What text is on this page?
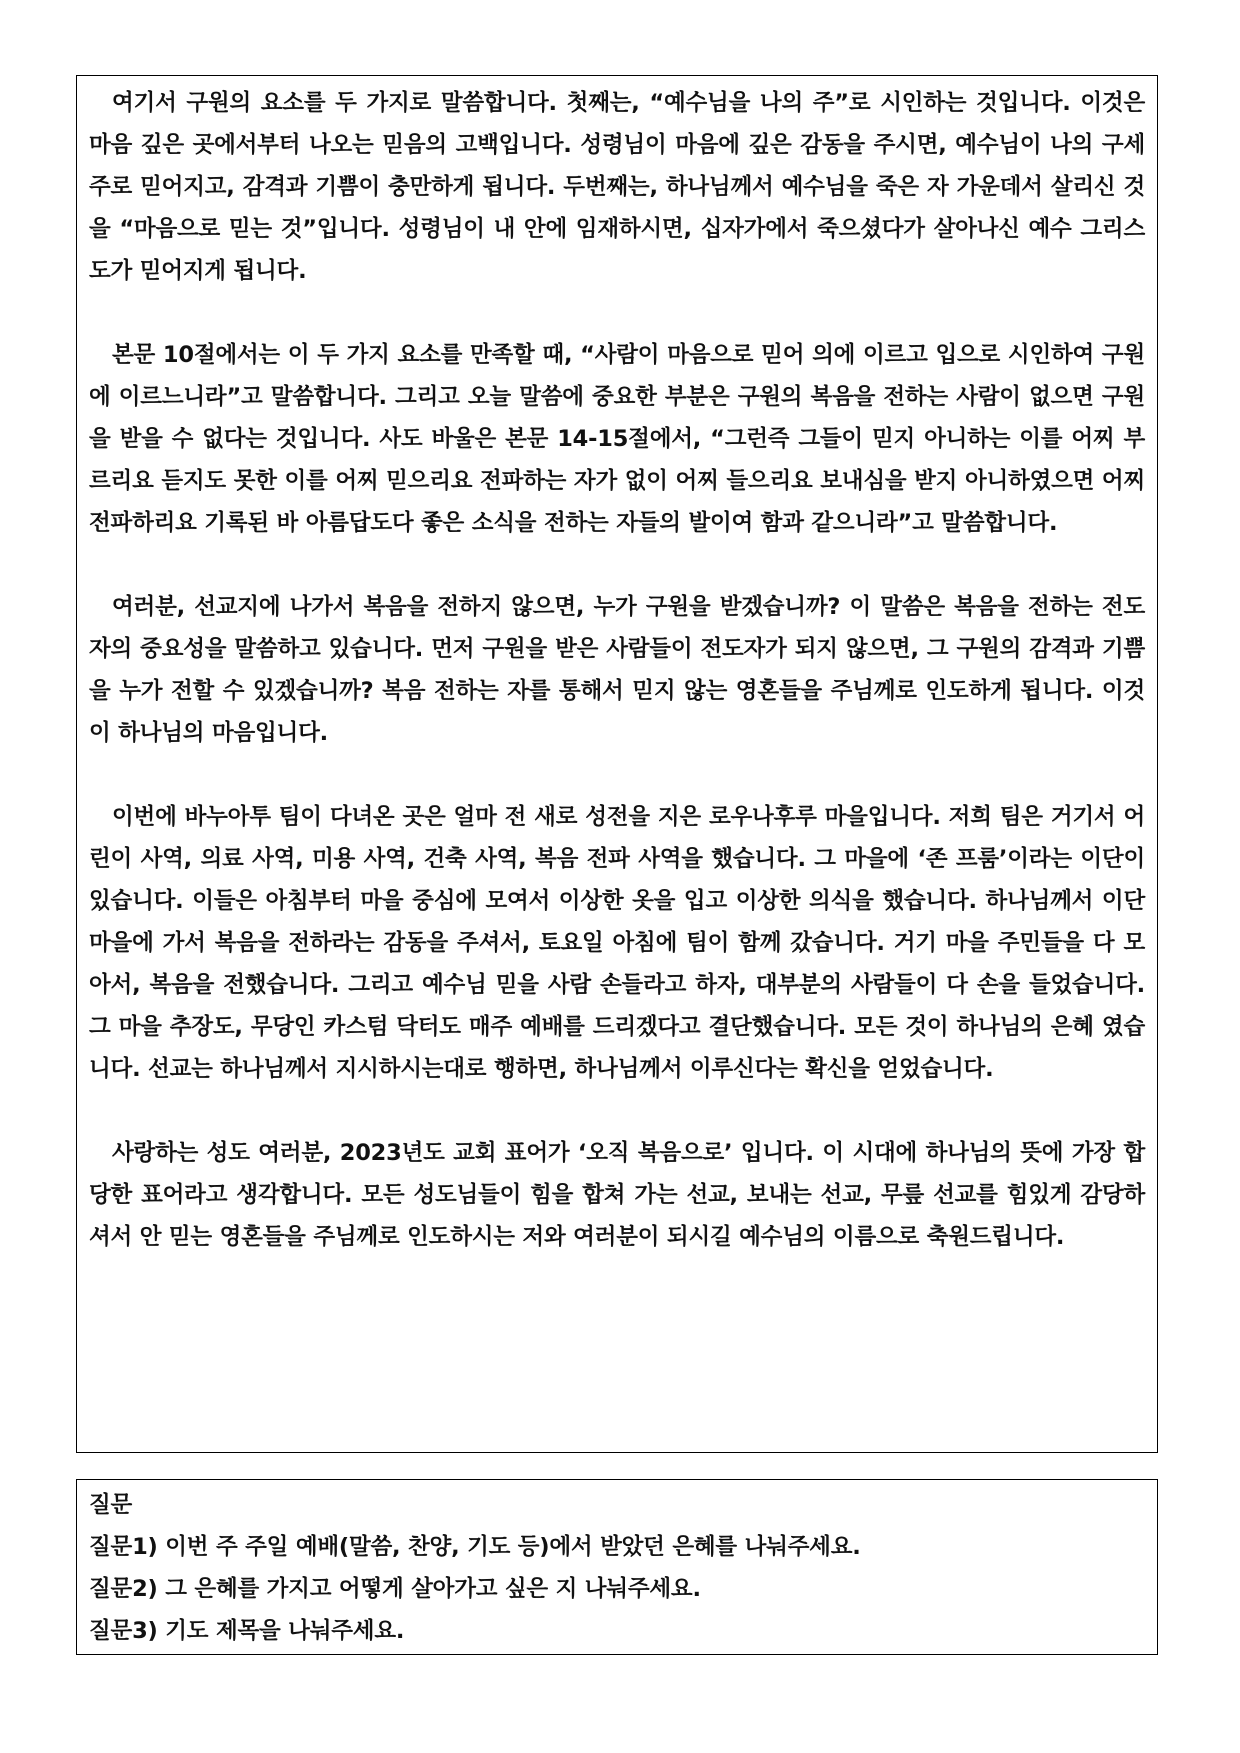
여기서 구원의 요소를 두 가지로 말씀합니다. 첫째는, “예수님을 나의 주”로 시인하는 것입니다. 이것은 마음 깊은 곳에서부터 나오는 믿음의 고백입니다. 성령님이 마음에 깊은 감동을 주시면, 예수님이 나의 구세주로 믿어지고, 감격과 기쁨이 충만하게 됩니다. 두번째는, 하나님께서 예수님을 죽은 자 가운데서 살리신 것을 “마음으로 믿는 것”입니다. 성령님이 내 안에 임재하시면, 십자가에서 죽으셨다가 살아나신 예수 그리스도가 믿어지게 됩니다.

본문 10절에서는 이 두 가지 요소를 만족할 때, “사람이 마음으로 믿어 의에 이르고 입으로 시인하여 구원에 이르느니라”고 말씀합니다. 그리고 오늘 말씀에 중요한 부분은 구원의 복음을 전하는 사람이 없으면 구원을 받을 수 없다는 것입니다. 사도 바울은 본문 14-15절에서, “그런즉 그들이 믿지 아니하는 이를 어찌 부르리요 듣지도 못한 이를 어찌 믿으리요 전파하는 자가 없이 어찌 들으리요 보내심을 받지 아니하였으면 어찌 전파하리요 기록된 바 아름답도다 좋은 소식을 전하는 자들의 발이여 함과 같으니라”고 말씀합니다.

여러분, 선교지에 나가서 복음을 전하지 않으면, 누가 구원을 받겠습니까? 이 말씀은 복음을 전하는 전도자의 중요성을 말씀하고 있습니다. 먼저 구원을 받은 사람들이 전도자가 되지 않으면, 그 구원의 감격과 기쁨을 누가 전할 수 있겠습니까? 복음 전하는 자를 통해서 믿지 않는 영혼들을 주님께로 인도하게 됩니다. 이것이 하나님의 마음입니다.

이번에 바누아투 팀이 다녀온 곳은 얼마 전 새로 성전을 지은 로우나후루 마을입니다. 저희 팀은 거기서 어린이 사역, 의료 사역, 미용 사역, 건축 사역, 복음 전파 사역을 했습니다. 그 마을에 ‘존 프룸’이라는 이단이 있습니다. 이들은 아침부터 마을 중심에 모여서 이상한 옷을 입고 이상한 의식을 했습니다. 하나님께서 이단 마을에 가서 복음을 전하라는 감동을 주셔서, 토요일 아침에 팀이 함께 갔습니다. 거기 마을 주민들을 다 모아서, 복음을 전했습니다. 그리고 예수님 믿을 사람 손들라고 하자, 대부분의 사람들이 다 손을 들었습니다. 그 마을 추장도, 무당인 카스텀 닥터도 매주 예배를 드리겠다고 결단했습니다. 모든 것이 하나님의 은혜 였습니다. 선교는 하나님께서 지시하시는대로 행하면, 하나님께서 이루신다는 확신을 얻었습니다.

사랑하는 성도 여러분, 2023년도 교회 표어가 ‘오직 복음으로’ 입니다. 이 시대에 하나님의 뜻에 가장 합당한 표어라고 생각합니다. 모든 성도님들이 힘을 합쳐 가는 선교, 보내는 선교, 무릎 선교를 힘있게 감당하셔서 안 믿는 영혼들을 주님께로 인도하시는 저와 여러분이 되시길 예수님의 이름으로 축원드립니다.

질문

질문1) 이번 주 주일 예배(말씀, 찬양, 기도 등)에서 받았던 은혜를 나눠주세요.

질문2) 그 은혜를 가지고 어떻게 살아가고 싶은 지 나눠주세요.

질문3) 기도 제목을 나눠주세요.
